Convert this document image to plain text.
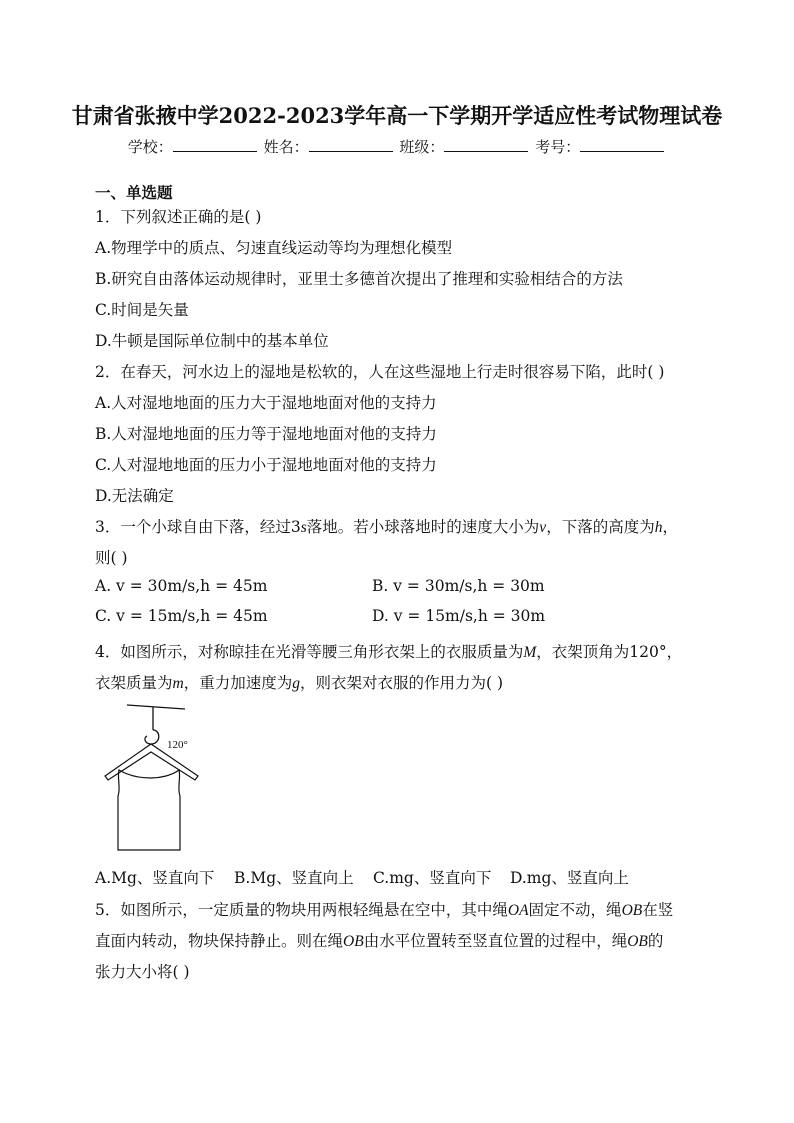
甘肃省张掖中学2022-2023学年高一下学期开学适应性考试物理试卷
学校：	姓名：	班级：	考号：
一、单选题
1．下列叙述正确的是( )
A.物理学中的质点、匀速直线运动等均为理想化模型
B.研究自由落体运动规律时，亚里士多德首次提出了推理和实验相结合的方法
C.时间是矢量
D.牛顿是国际单位制中的基本单位
2．在春天，河水边上的湿地是松软的，人在这些湿地上行走时很容易下陷，此时( )
A.人对湿地地面的压力大于湿地地面对他的支持力
B.人对湿地地面的压力等于湿地地面对他的支持力
C.人对湿地地面的压力小于湿地地面对他的支持力
D.无法确定
3．一个小球自由下落，经过3s落地。若小球落地时的速度大小为v，下落的高度为h，
则( )
A. v = 30m/s,h = 45m	B. v = 30m/s,h = 30m
C. v = 15m/s,h = 45m	D. v = 15m/s,h = 30m
4．如图所示，对称晾挂在光滑等腰三角形衣架上的衣服质量为M，衣架顶角为120°，
衣架质量为m，重力加速度为g，则衣架对衣服的作用力为( )
120°
A.Mg、竖直向下 B.Mg、竖直向上 C.mg、竖直向下 D.mg、竖直向上
5．如图所示，一定质量的物块用两根轻绳悬在空中，其中绳OA固定不动，绳OB在竖
直面内转动，物块保持静止。则在绳OB由水平位置转至竖直位置的过程中，绳OB的
张力大小将( )
